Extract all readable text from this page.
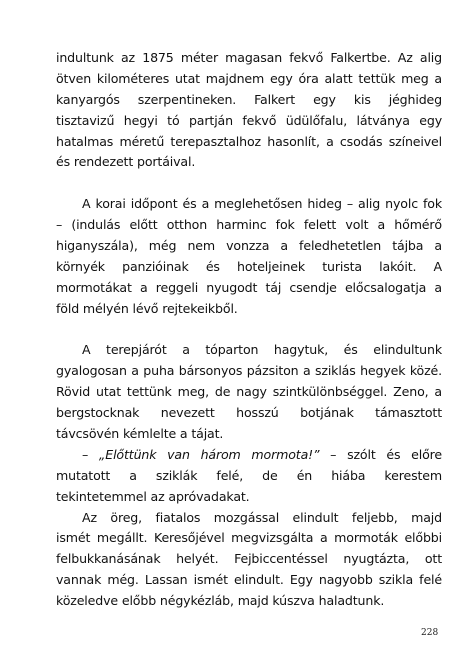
indultunk az 1875 méter magasan fekvő Falkertbe. Az alig
ötven kilométeres utat majdnem egy óra alatt tettük meg a
kanyargós szerpentineken. Falkert egy kis jéghideg
tisztavizű hegyi tó partján fekvő üdülőfalu, látványa egy
hatalmas méretű terepasztalhoz hasonlít, a csodás színeivel
és rendezett portáival.
A korai időpont és a meglehetősen hideg – alig nyolc fok
– (indulás előtt otthon harminc fok felett volt a hőmérő
higanyszála), még nem vonzza a feledhetetlen tájba a
környék panzióinak és hoteljeinek turista lakóit. A
mormotákat a reggeli nyugodt táj csendje előcsalogatja a
föld mélyén lévő rejtekeikből.
A terepjárót a tóparton hagytuk, és elindultunk
gyalogosan a puha bársonyos pázsiton a sziklás hegyek közé.
Rövid utat tettünk meg, de nagy szintkülönbséggel. Zeno, a
bergstocknak nevezett hosszú botjának támasztott
távcsövén kémlelte a tájat.
– „Előttünk van három mormota!” – szólt és előre
mutatott a sziklák felé, de én hiába kerestem
tekintetemmel az apróvadakat.
Az öreg, fiatalos mozgással elindult feljebb, majd
ismét megállt. Keresőjével megvizsgálta a mormoták előbbi
felbukkanásának helyét. Fejbiccentéssel nyugtázta, ott
vannak még. Lassan ismét elindult. Egy nagyobb szikla felé
közeledve előbb négykézláb, majd kúszva haladtunk.
228
